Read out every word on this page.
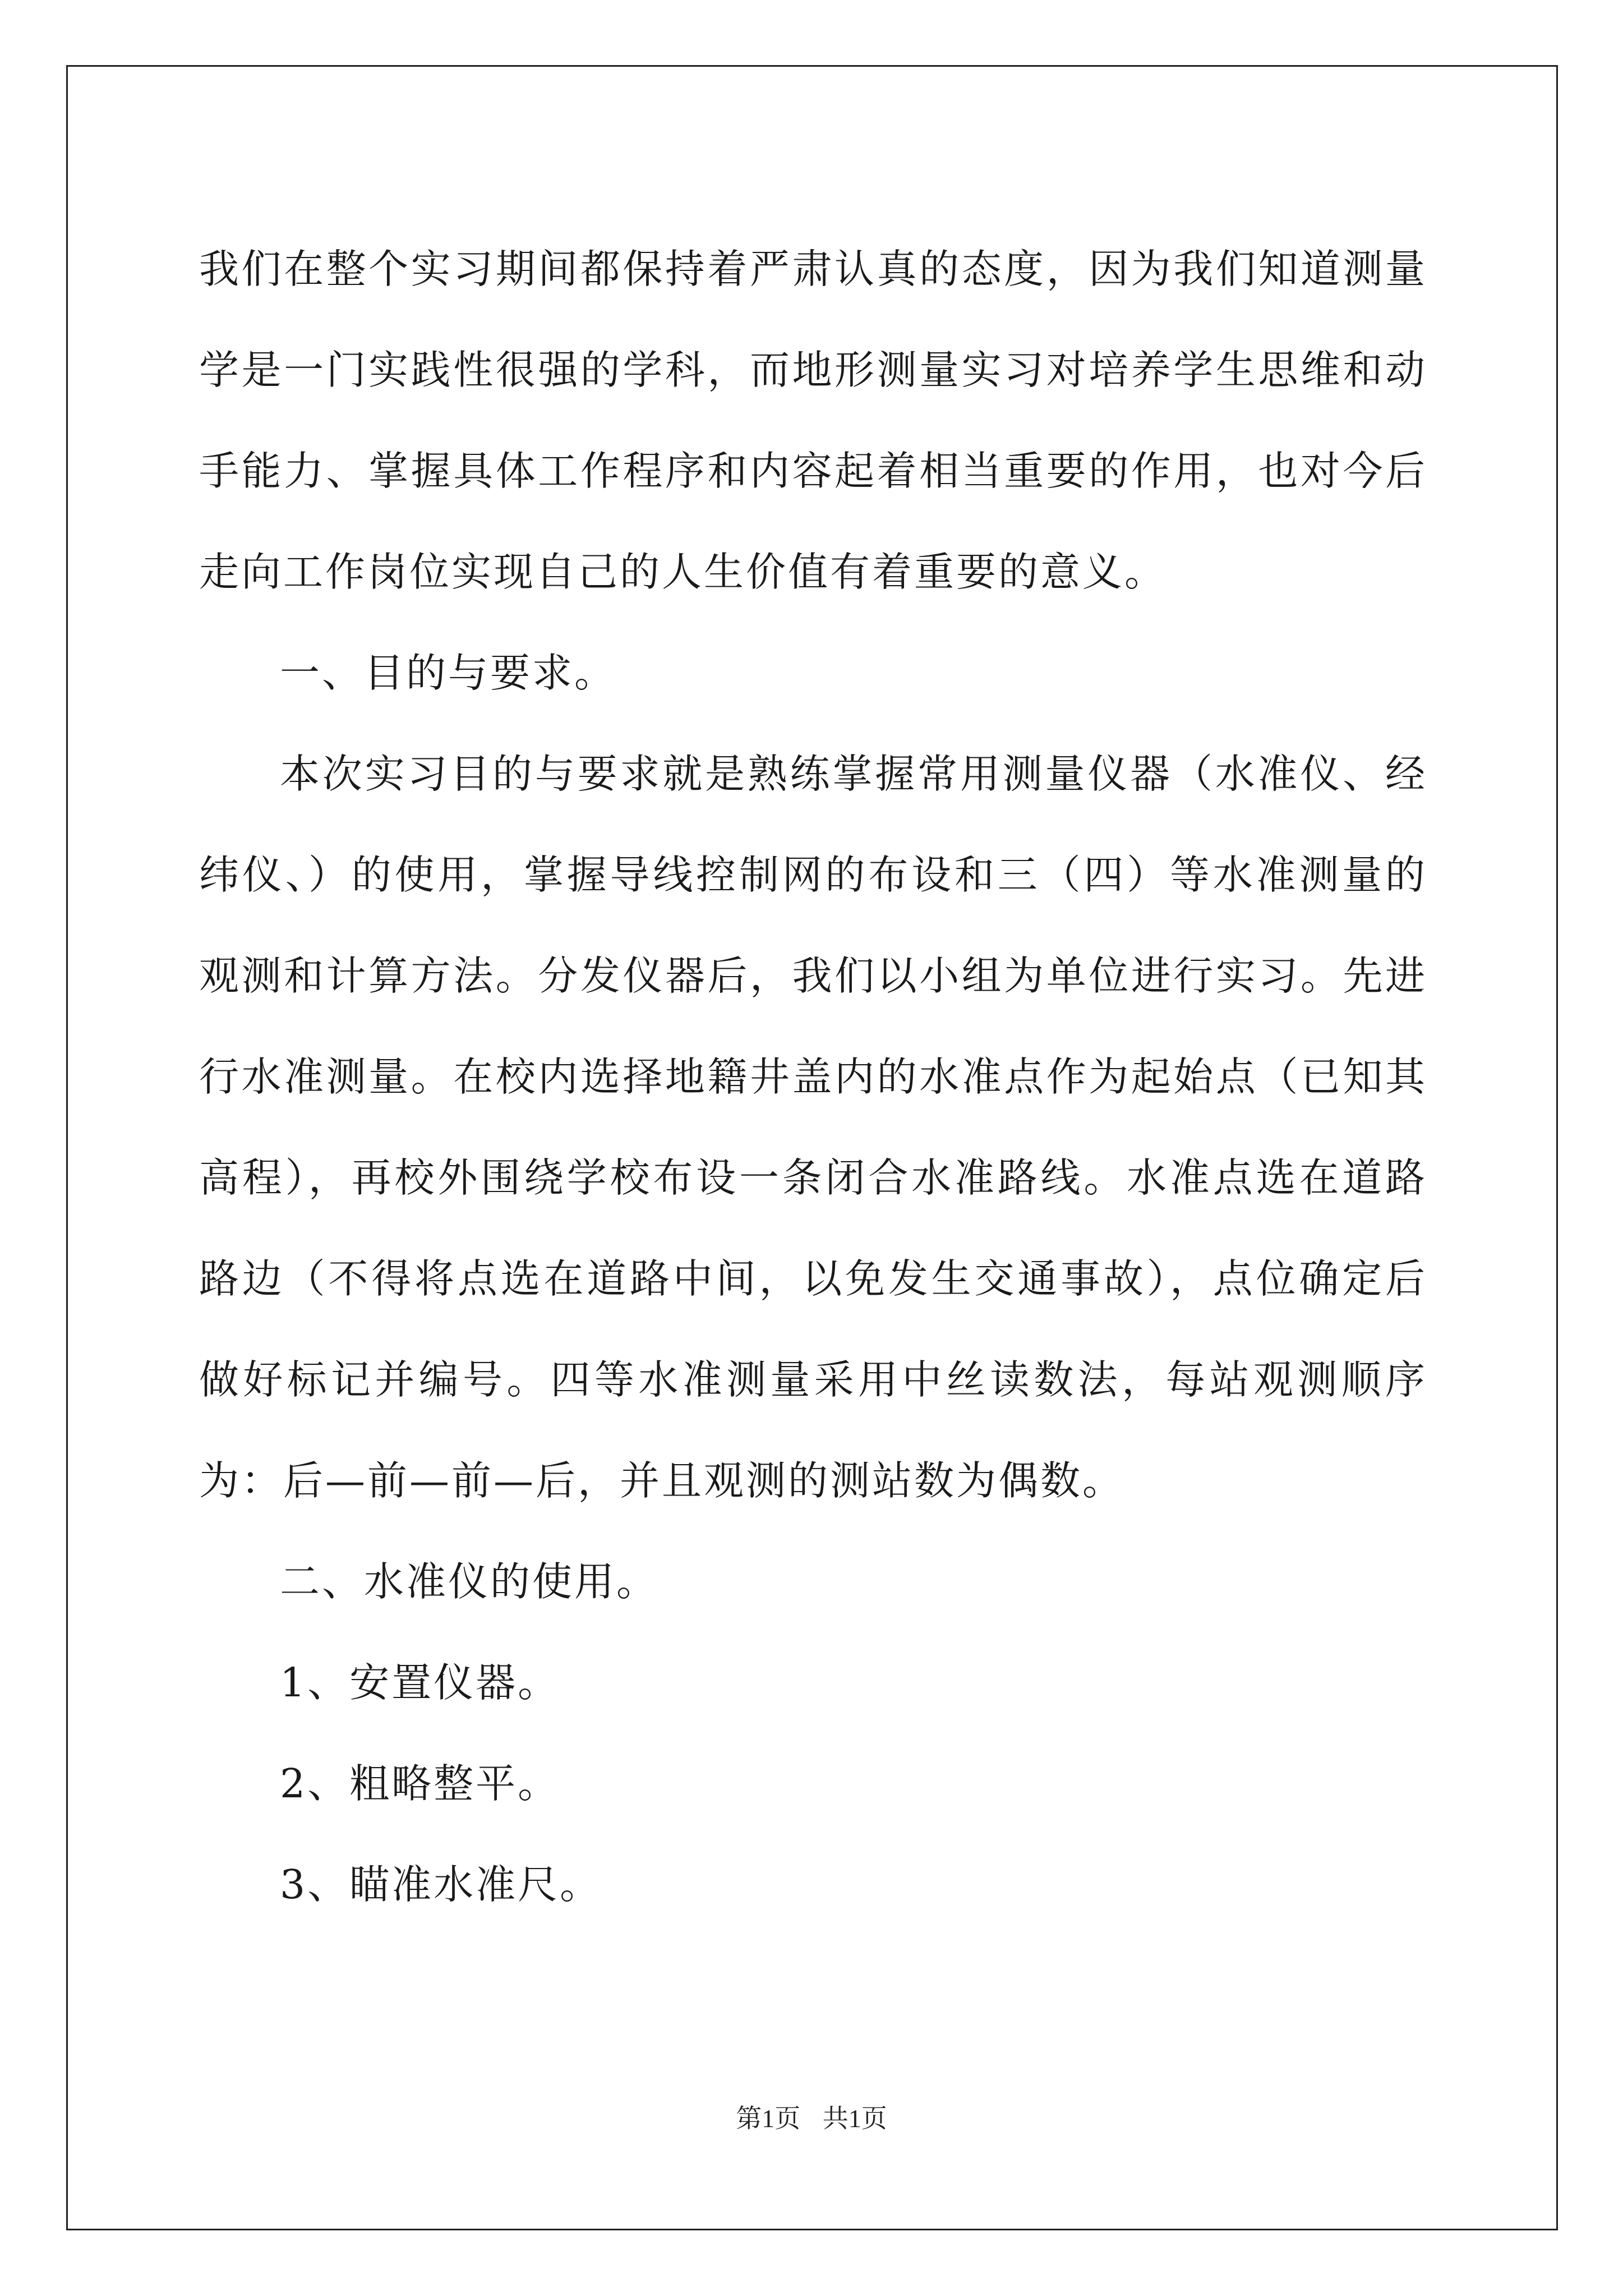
我们在整个实习期间都保持着严肃认真的态度，因为我们知道测量学是一门实践性很强的学科，而地形测量实习对培养学生思维和动手能力、掌握具体工作程序和内容起着相当重要的作用，也对今后走向工作岗位实现自己的人生价值有着重要的意义。

一、目的与要求。

本次实习目的与要求就是熟练掌握常用测量仪器（水准仪、经纬仪、）的使用，掌握导线控制网的布设和三（四）等水准测量的观测和计算方法。分发仪器后，我们以小组为单位进行实习。先进行水准测量。在校内选择地籍井盖内的水准点作为起始点（已知其高程），再校外围绕学校布设一条闭合水准路线。水准点选在道路路边（不得将点选在道路中间，以免发生交通事故），点位确定后做好标记并编号。四等水准测量采用中丝读数法，每站观测顺序为：后—前—前—后，并且观测的测站数为偶数。

二、水准仪的使用。

1、安置仪器。

2、粗略整平。

3、瞄准水准尺。

第1页 共1页
